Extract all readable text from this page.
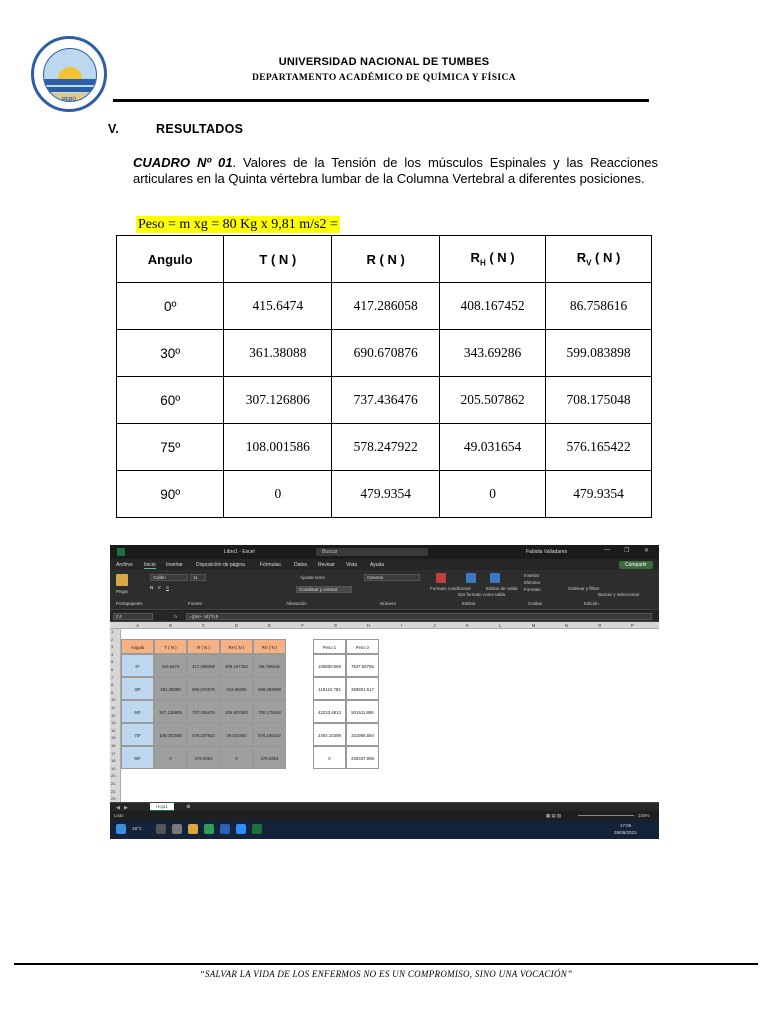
PERÚ
UNIVERSIDAD NACIONAL DE TUMBES
DEPARTAMENTO ACADÉMICO DE QUÍMICA Y FÍSICA
V.	RESULTADOS
CUADRO Nº 01. Valores de la Tensión de los músculos Espinales y las Reacciones articulares en la Quinta vértebra lumbar de la Columna Vertebral a diferentes posiciones.
Peso = m xg = 80 Kg x 9,81 m/s2 =
Angulo	T ( N )	R ( N )	$R_H$ ( N )	$R_V$ ( N )
0º	415.6474	417.286058	408.167452	86.758616
30º	361.38088	690.670876	343.69286	599.083898
60º	307.126806	737.436476	205.507862	708.175048
75º	108.001586	578.247922	49.031654	576.165422
90º	0	479.9354	0	479.9354
Libro1 - Excel	Buscar	Fabiola Valladares	— ❐ ✕
Archivo Inicio Insertar	Disposición de página	Fórmulas	Datos Revisar Vista	Ayuda	Compartir
Pegar
Calibri	11
N K S	Combinar y centrar
Ajustar texto	General
Formato condicional
Dar formato como tabla
Estilos de celda
Insertar
Eliminar
Formato	Ordenar y filtrar
Buscar y seleccionar
Portapapeles	Fuente	Alineación	Número	Estilos	Celdas	Edición
C4	fx	=((54+ 44)^0.5
A	B	C	D	E	F	G	H	I	J	K	L	M	N	O	P
1
2
3
4
5
6
7
8
9
10
11
12
13
14
15
16
17
18
19
20
21
22
23
Angulo	T ( N )	R ( N )	RH ( N )	RV ( N )	Peso 1	Peso 2
0º	415.6474	417.286058	408.167452	86.758616	106800.669	7537.65765
30º	361.38088	690.670876	343.69286	599.083898	118124.782	358901.517
60º	307.126806	737.436476	205.507862	708.175048	42233.4813	501511.899
75º	108.001586	578.247922	49.031654	576.165422	2404.10399	331986.594
90º	0	479.9354	0	479.9354	0	230337.988
◀ ▶	Hoja1	⊕
Listo	▦ ▤ ▥	100%
18°C
17:06
29/05/2023
“SALVAR LA VIDA DE LOS ENFERMOS NO ES UN COMPROMISO, SINO UNA VOCACIÓN”
